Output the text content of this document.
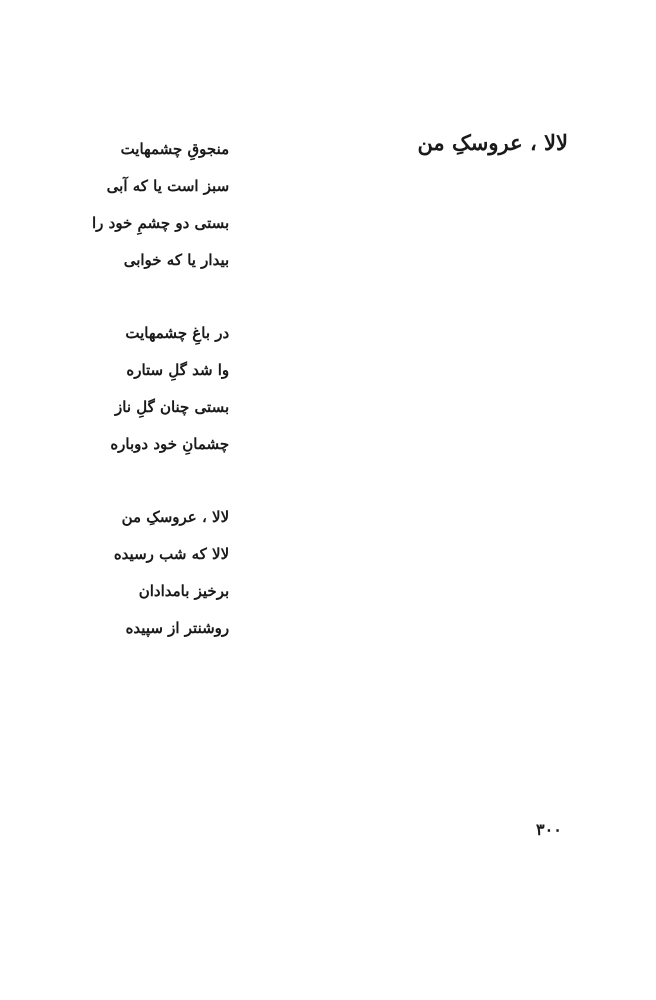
لالا ، عروسکِ من
منجوقِ چشمهایت
سبز است یا که آبی
بستی دو چشمِ خود را
بیدار یا که خوابی
در باغِ چشمهایت
وا شد گلِ ستاره
بستی چنان گلِ ناز
چشمانِ خود دوباره
لالا ، عروسکِ من
لالا که شب رسیده
برخیز بامدادان
روشنتر از سپیده
۳۰۰
